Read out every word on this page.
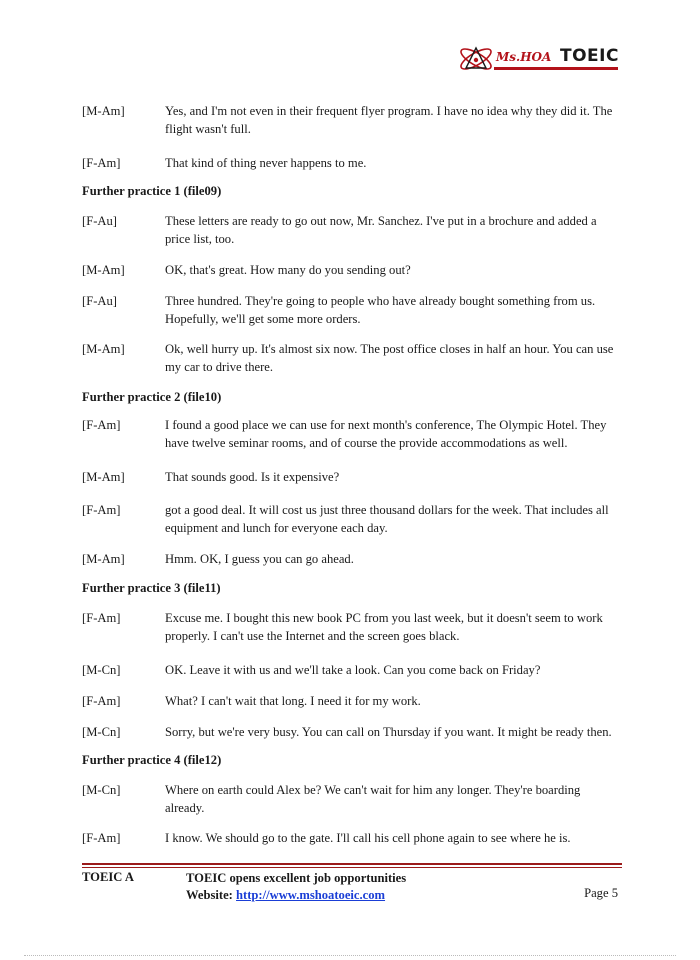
Ms.HOA TOEIC
[M-Am]	Yes, and I'm not even in their frequent flyer program. I have no idea why they did it. The flight wasn't full.
[F-Am]	That kind of thing never happens to me.
Further practice 1 (file09)
[F-Au]	These letters are ready to go out now, Mr. Sanchez. I've put in a brochure and added a price list, too.
[M-Am]	OK, that's great. How many do you sending out?
[F-Au]	Three hundred. They're going to people who have already bought something from us. Hopefully, we'll get some more orders.
[M-Am]	Ok, well hurry up. It's almost six now. The post office closes in half an hour. You can use my car to drive there.
Further practice 2 (file10)
[F-Am]	I found a good place we can use for next month's conference, The Olympic Hotel. They have twelve seminar rooms, and of course the provide accommodations as well.
[M-Am]	That sounds good. Is it expensive?
[F-Am]	got a good deal. It will cost us just three thousand dollars for the week. That includes all equipment and lunch for everyone each day.
[M-Am]	Hmm. OK, I guess you can go ahead.
Further practice 3 (file11)
[F-Am]	Excuse me. I bought this new book PC from you last week, but it doesn't seem to work properly. I can't use the Internet and the screen goes black.
[M-Cn]	OK. Leave it with us and we'll take a look. Can you come back on Friday?
[F-Am]	What? I can't wait that long. I need it for my work.
[M-Cn]	Sorry, but we're very busy. You can call on Thursday if you want. It might be ready then.
Further practice 4 (file12)
[M-Cn]	Where on earth could Alex be? We can't wait for him any longer. They're boarding already.
[F-Am]	I know. We should go to the gate. I'll call his cell phone again to see where he is.
TOEIC A	TOEIC opens excellent job opportunities
Website: http://www.mshoatoeic.com	Page 5
